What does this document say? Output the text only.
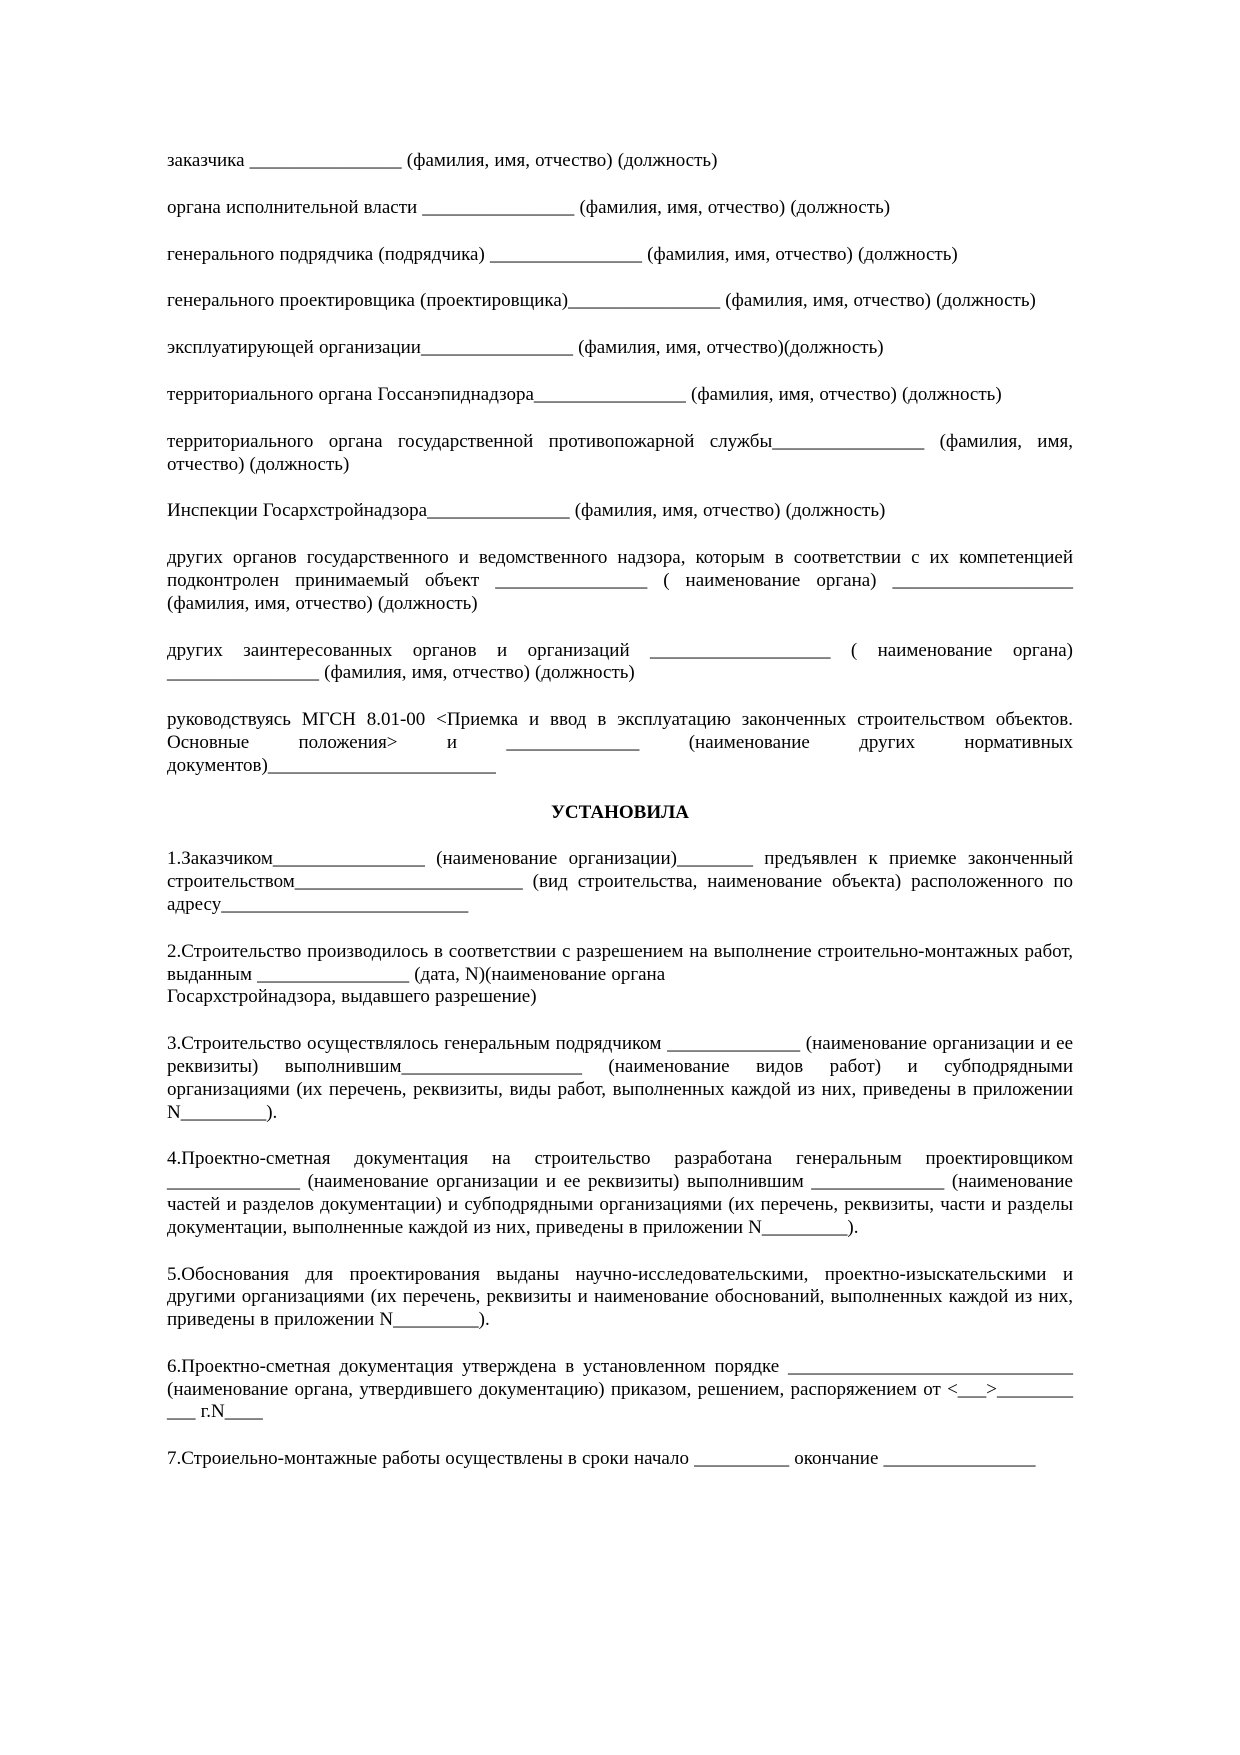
заказчика ________________ (фамилия, имя, отчество) (должность)

органа исполнительной власти ________________ (фамилия, имя, отчество) (должность)

генерального подрядчика (подрядчика) ________________ (фамилия, имя, отчество) (должность)

генерального проектировщика (проектировщика)________________ (фамилия, имя, отчество) (должность)

эксплуатирующей организации________________ (фамилия, имя, отчество)(должность)

территориального органа Госсанэпиднадзора________________ (фамилия, имя, отчество) (должность)

территориального органа государственной противопожарной службы________________ (фамилия, имя, отчество) (должность)

Инспекции Госархстройнадзора_______________ (фамилия, имя, отчество) (должность)

других органов государственного и ведомственного надзора, которым в соответствии с их компетенцией подконтролен принимаемый объект ________________ ( наименование органа) ___________________ (фамилия, имя, отчество) (должность)

других заинтересованных органов и организаций ___________________ ( наименование органа) ________________ (фамилия, имя, отчество) (должность)

руководствуясь МГСН 8.01-00 <Приемка и ввод в эксплуатацию законченных строительством объектов. Основные положения> и ______________ (наименование других нормативных документов)________________________

УСТАНОВИЛА

1.Заказчиком________________ (наименование организации)________ предъявлен к приемке законченный строительством________________________ (вид строительства, наименование объекта) расположенного по адресу__________________________

2.Строительство производилось в соответствии с разрешением на выполнение строительно-монтажных работ, выданным ________________ (дата, N)(наименование органа
Госархстройнадзора, выдавшего разрешение)

3.Строительство осуществлялось генеральным подрядчиком ______________ (наименование организации и ее реквизиты) выполнившим___________________ (наименование видов работ) и субподрядными организациями (их перечень, реквизиты, виды работ, выполненных каждой из них, приведены в приложении N_________).

4.Проектно-сметная документация на строительство разработана генеральным проектировщиком ______________ (наименование организации и ее реквизиты) выполнившим ______________ (наименование частей и разделов документации) и субподрядными организациями (их перечень, реквизиты, части и разделы документации, выполненные каждой из них, приведены в приложении N_________).

5.Обоснования для проектирования выданы научно-исследовательскими, проектно-изыскательскими и другими организациями (их перечень, реквизиты и наименование обоснований, выполненных каждой из них, приведены в приложении N_________).

6.Проектно-сметная документация утверждена в установленном порядке ______________________________ (наименование органа, утвердившего документацию) приказом, решением, распоряжением от <___>________ ___ г.N____

7.Строиельно-монтажные работы осуществлены в сроки начало __________ окончание ________________
